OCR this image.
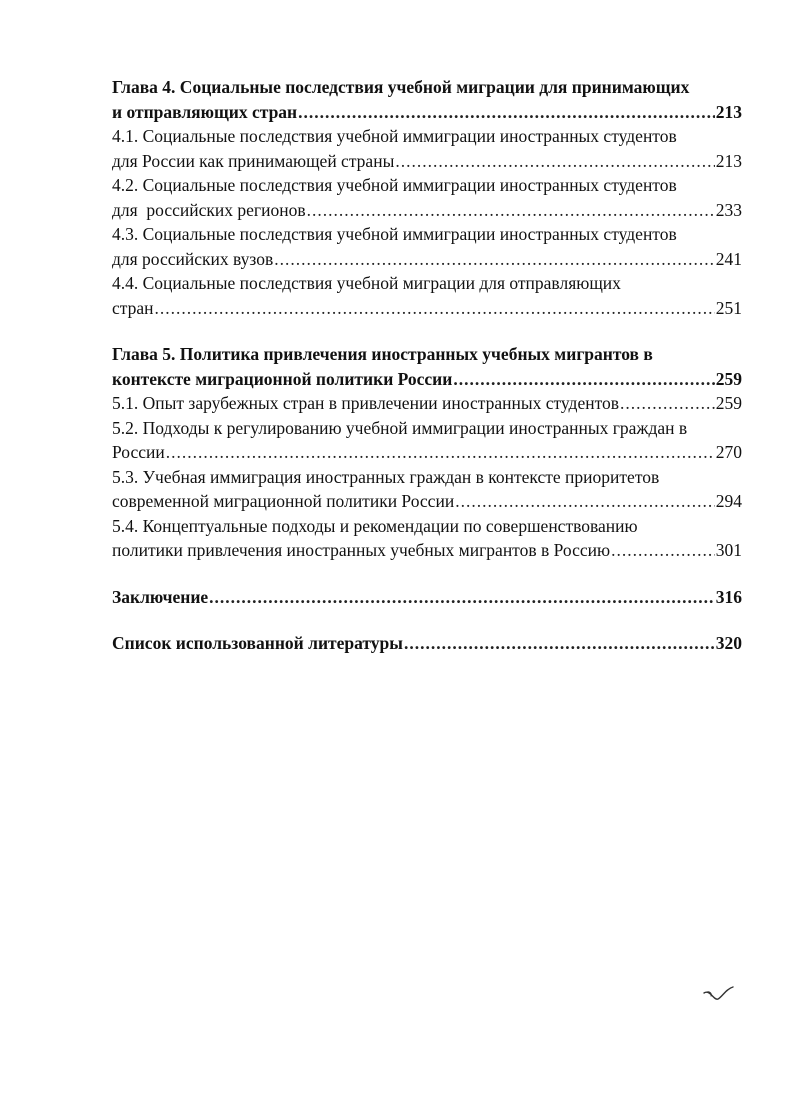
Глава 4. Социальные последствия учебной миграции для принимающих
и отправляющих стран .....	213
4.1. Социальные последствия учебной иммиграции иностранных студентов
для России как принимающей страны .....	213
4.2. Социальные последствия учебной иммиграции иностранных студентов
для  российских регионов .....	233
4.3. Социальные последствия учебной иммиграции иностранных студентов
для российских вузов .....	241
4.4. Социальные последствия учебной миграции для отправляющих
стран .....	251
Глава 5. Политика привлечения иностранных учебных мигрантов в
контексте миграционной политики России .....	259
5.1. Опыт зарубежных стран в привлечении иностранных студентов .....	259
5.2. Подходы к регулированию учебной иммиграции иностранных граждан в
России .....	270
5.3. Учебная иммиграция иностранных граждан в контексте приоритетов
современной миграционной политики России .....	294
5.4. Концептуальные подходы и рекомендации по совершенствованию
политики привлечения иностранных учебных мигрантов в Россию .....	301
Заключение .....	316
Список использованной литературы .....	320
